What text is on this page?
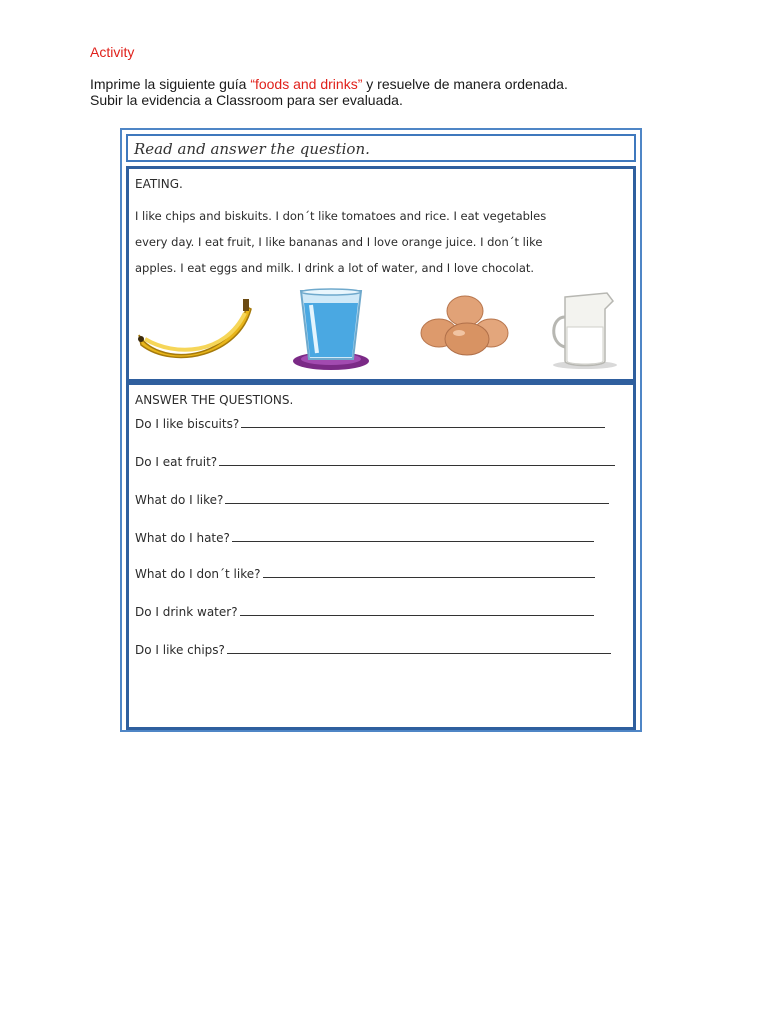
Activity
Imprime la siguiente guía “foods and drinks” y resuelve de manera ordenada.
Subir la evidencia a Classroom para ser evaluada.
Read and answer the question.
EATING.
I like chips and biskuits. I don´t like tomatoes and rice. I eat vegetables
every day. I eat fruit, I like bananas and I love orange juice. I don´t like
apples. I eat eggs and milk. I drink a lot of water, and I love chocolat.
ANSWER THE QUESTIONS.
Do I like biscuits?
Do I eat fruit?
What do I like?
What do I hate?
What do I don´t like?
Do I drink water?
Do I like chips?
